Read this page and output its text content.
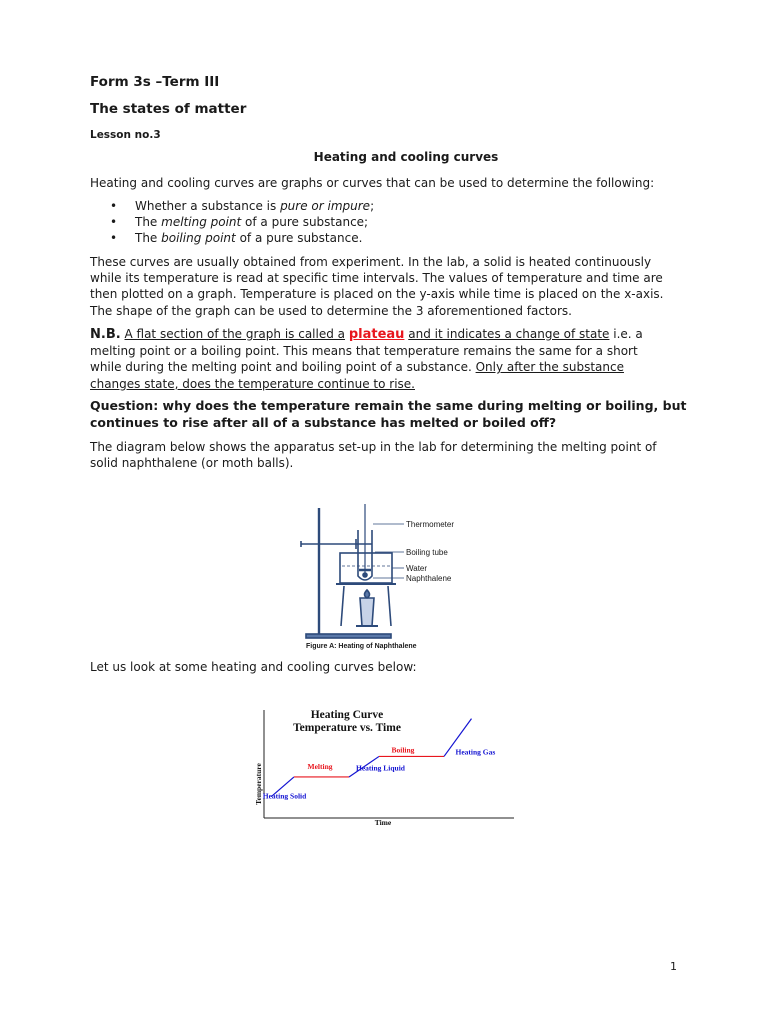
Form 3s –Term III
The states of matter
Lesson no.3
Heating and cooling curves
Heating and cooling curves are graphs or curves that can be used to determine the following:
• Whether a substance is pure or impure;
• The melting point of a pure substance;
• The boiling point of a pure substance.
These curves are usually obtained from experiment. In the lab, a solid is heated continuously
while its temperature is read at specific time intervals. The values of temperature and time are
then plotted on a graph. Temperature is placed on the y-axis while time is placed on the x-axis.
The shape of the graph can be used to determine the 3 aforementioned factors.
N.B. A flat section of the graph is called a plateau and it indicates a change of state i.e. a
melting point or a boiling point. This means that temperature remains the same for a short
while during the melting point and boiling point of a substance. Only after the substance
changes state, does the temperature continue to rise.
Question: why does the temperature remain the same during melting or boiling, but
continues to rise after all of a substance has melted or boiled off?
The diagram below shows the apparatus set-up in the lab for determining the melting point of
solid naphthalene (or moth balls).
Thermometer
Boiling tube
Water
Naphthalene
Figure A: Heating of Naphthalene
Let us look at some heating and cooling curves below:
Heating Curve
Temperature vs. Time
Time
Temperature Heating Solid
Melting	Heating Liquid
Boiling	Heating Gas
1
